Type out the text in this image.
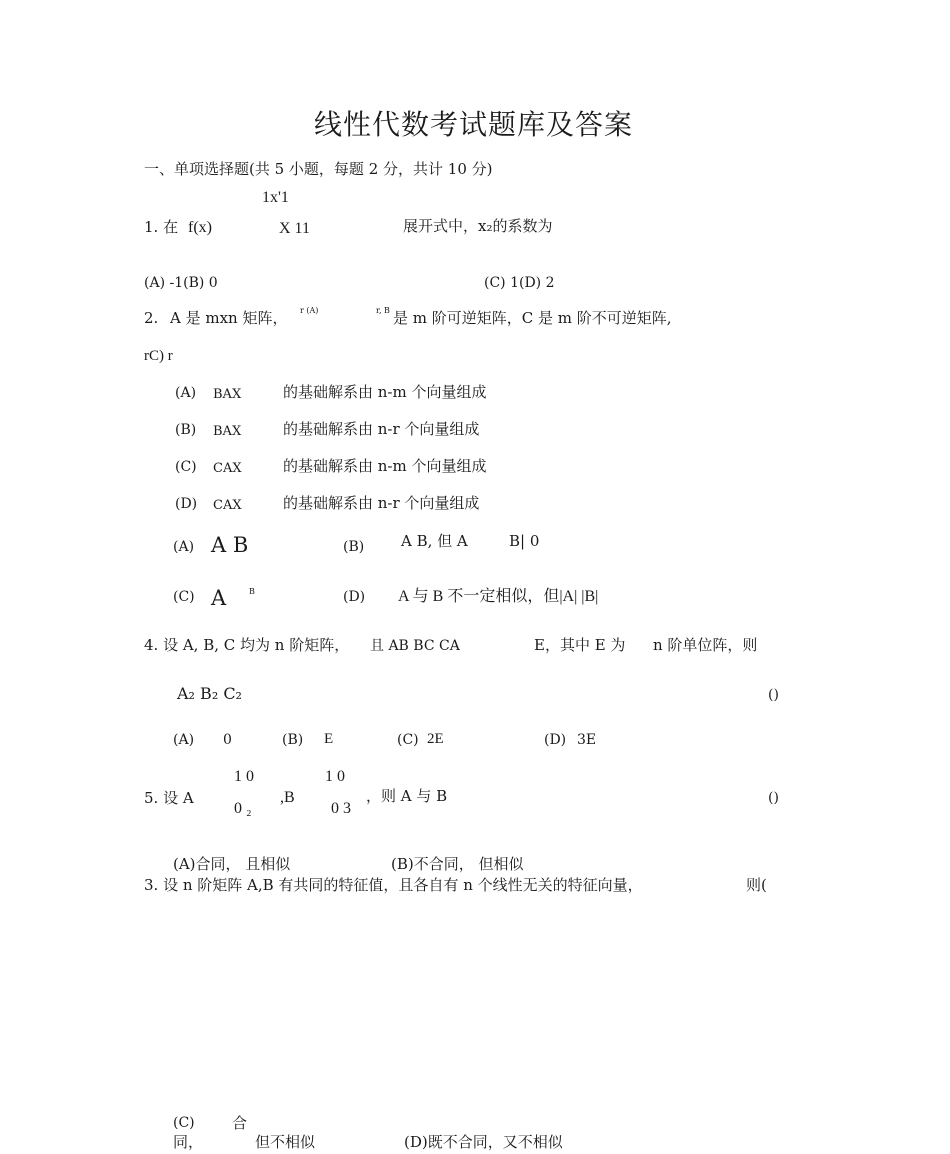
线性代数考试题库及答案
一、单项选择题(共 5 小题，每题 2 分，共计 10 分)
1x'1
1. 在 f(x)	X 11	展开式中，x₂的系数为
(A) -1(B) 0	(C) 1(D) 2
2. A 是 mxn 矩阵， r (A)	r, B 是 m 阶可逆矩阵，C 是 m 阶不可逆矩阵,
rC) r
(A) BAX	的基础解系由 n-m 个向量组成
(B) BAX	的基础解系由 n-r 个向量组成
(C) CAX	的基础解系由 n-m 个向量组成
(D) CAX	的基础解系由 n-r 个向量组成
(A) A B	(B) A B, 但 A	B| 0
(C) A	B	(D) A 与 B 不一定相似，但|A| |B|
4. 设 A, B, C 均为 n 阶矩阵， 且 AB BC CA	E，其中 E 为 n 阶单位阵，则
A₂ B₂ C₂	()
(A) 0	(B) E	(C) 2E	(D) 3E
1 0	1 0
5. 设 A	,B	，则 A 与 B	()
0 ₂	0 3
(A)合同， 且相似	(B)不合同， 但相似
3. 设 n 阶矩阵 A,B 有共同的特征值，且各自有 n 个线性无关的特征向量，	则(
(C) 合
同，	但不相似	(D)既不合同，又不相似
